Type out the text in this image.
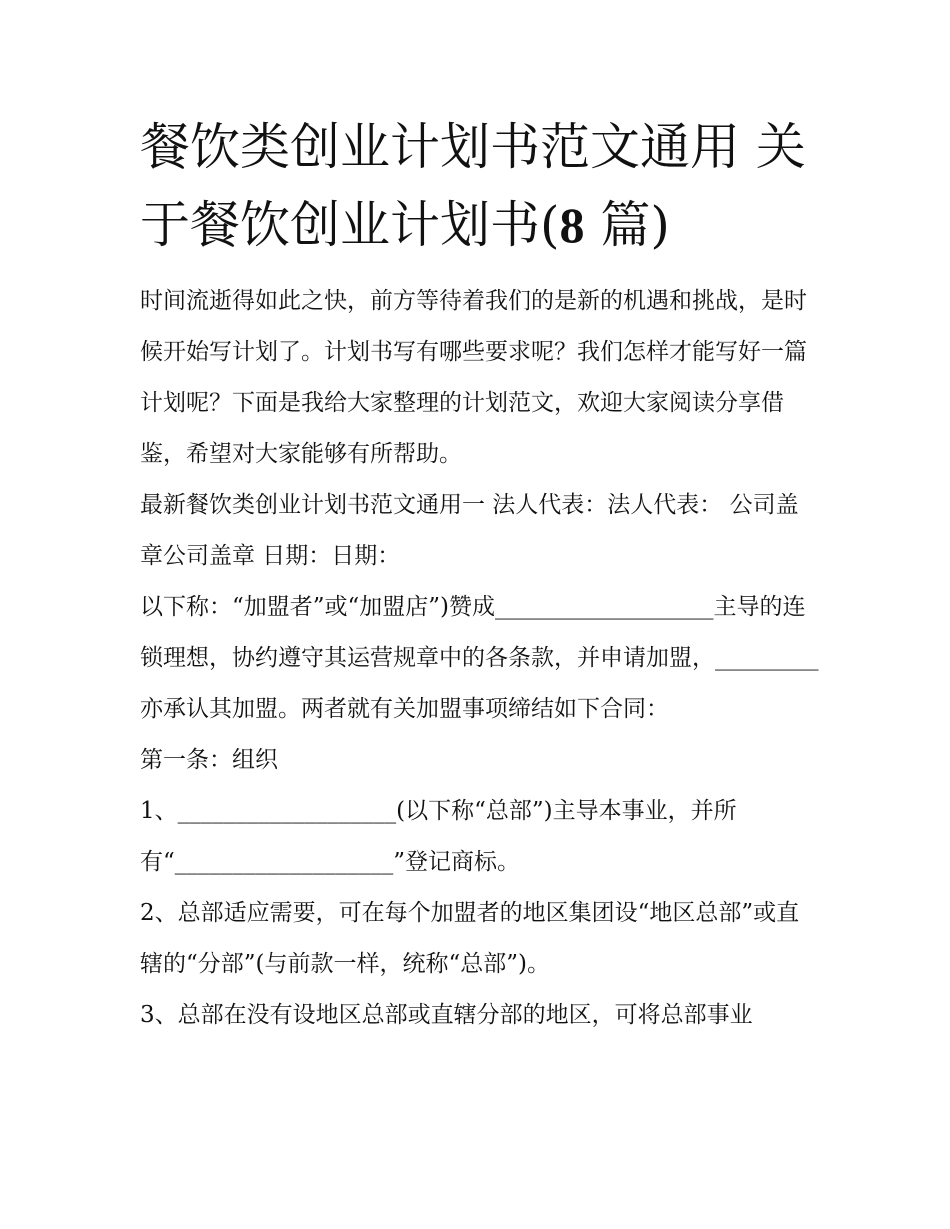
餐饮类创业计划书范文通用 关于餐饮创业计划书(8 篇)

时间流逝得如此之快，前方等待着我们的是新的机遇和挑战，是时候开始写计划了。计划书写有哪些要求呢？我们怎样才能写好一篇计划呢？下面是我给大家整理的计划范文，欢迎大家阅读分享借鉴，希望对大家能够有所帮助。

最新餐饮类创业计划书范文通用一 法人代表：法人代表： 公司盖章公司盖章 日期：日期：

以下称：“加盟者”或“加盟店”)赞成___________________主导的连锁理想，协约遵守其运营规章中的各条款，并申请加盟，_________亦承认其加盟。两者就有关加盟事项缔结如下合同：

第一条：组织

1、___________________(以下称“总部”)主导本事业，并所有“___________________”登记商标。

2、总部适应需要，可在每个加盟者的地区集团设“地区总部”或直辖的“分部”(与前款一样，统称“总部”)。

3、总部在没有设地区总部或直辖分部的地区，可将总部事业
